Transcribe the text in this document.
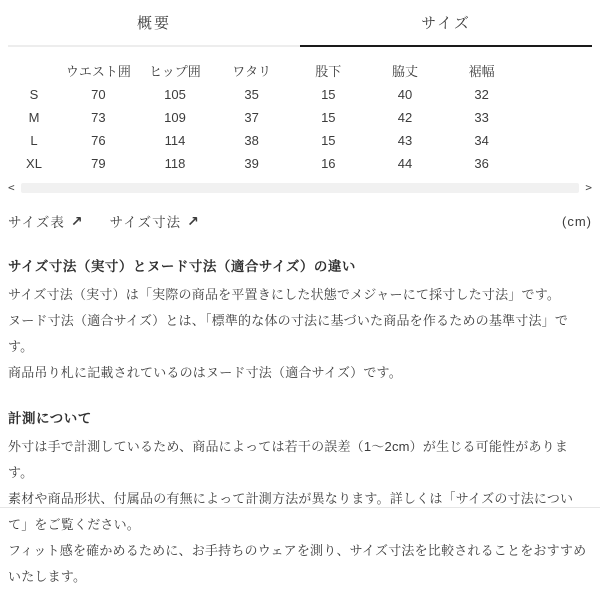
概要	サイズ
	ウエスト囲	ヒップ囲	ワタリ	股下	脇丈	裾幅
S	70	105	35	15	40	32
M	73	109	37	15	42	33
L	76	114	38	15	43	34
XL	79	118	39	16	44	36
<	>
サイズ表 ↗ サイズ寸法 ↗	(cm)
サイズ寸法（実寸）とヌード寸法（適合サイズ）の違い

サイズ寸法（実寸）は「実際の商品を平置きにした状態でメジャーにて採寸した寸法」です。

ヌード寸法（適合サイズ）とは、「標準的な体の寸法に基づいた商品を作るための基準寸法」です。

商品吊り札に記載されているのはヌード寸法（適合サイズ）です。

計測について

外寸は手で計測しているため、商品によっては若干の誤差（1～2cm）が生じる可能性があります。

素材や商品形状、付属品の有無によって計測方法が異なります。詳しくは「サイズの寸法について」をご覧ください。

フィット感を確かめるために、お手持ちのウェアを測り、サイズ寸法を比較されることをおすすめいたします。
